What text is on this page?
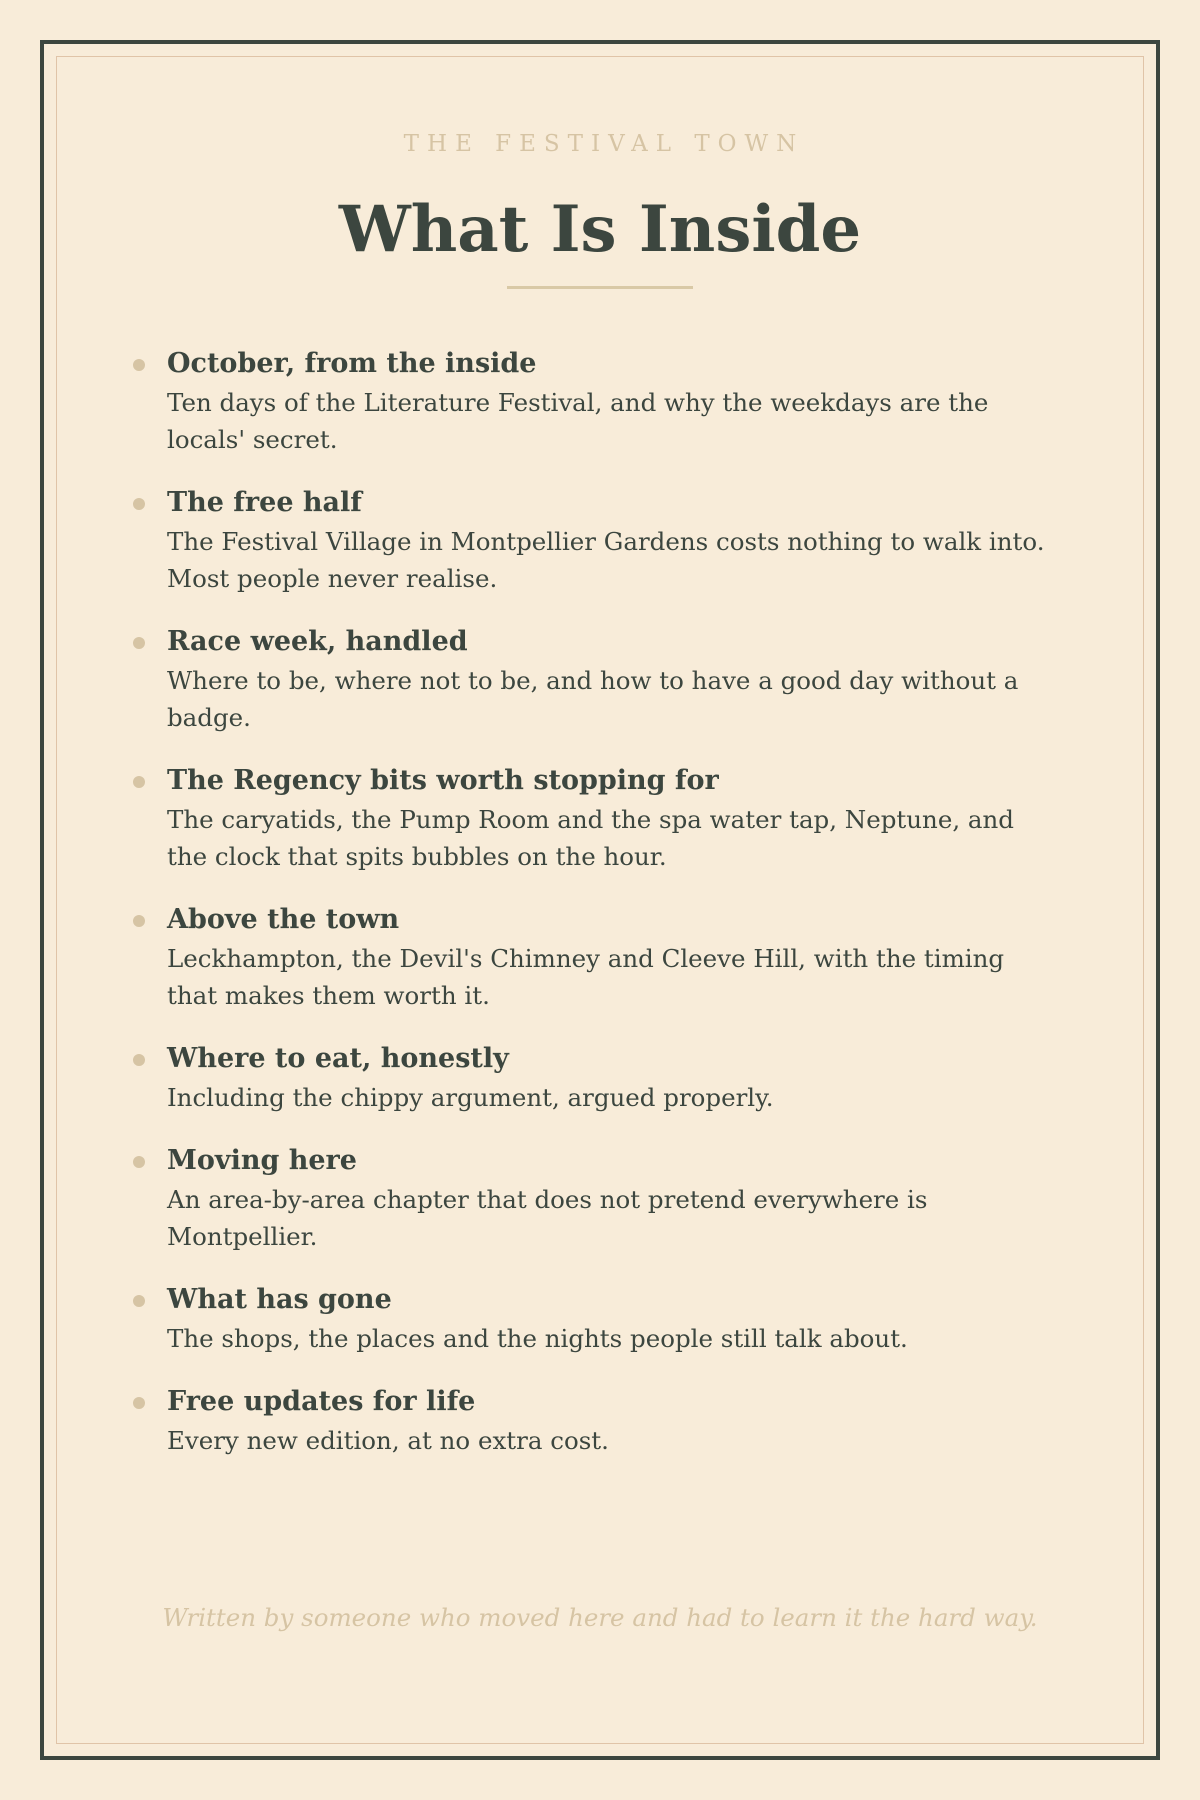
THE FESTIVAL TOWN
What Is Inside
October, from the inside
Ten days of the Literature Festival, and why the weekdays are the locals' secret.
The free half
The Festival Village in Montpellier Gardens costs nothing to walk into. Most people never realise.
Race week, handled
Where to be, where not to be, and how to have a good day without a badge.
The Regency bits worth stopping for
The caryatids, the Pump Room and the spa water tap, Neptune, and the clock that spits bubbles on the hour.
Above the town
Leckhampton, the Devil's Chimney and Cleeve Hill, with the timing that makes them worth it.
Where to eat, honestly
Including the chippy argument, argued properly.
Moving here
An area-by-area chapter that does not pretend everywhere is Montpellier.
What has gone
The shops, the places and the nights people still talk about.
Free updates for life
Every new edition, at no extra cost.
Written by someone who moved here and had to learn it the hard way.
